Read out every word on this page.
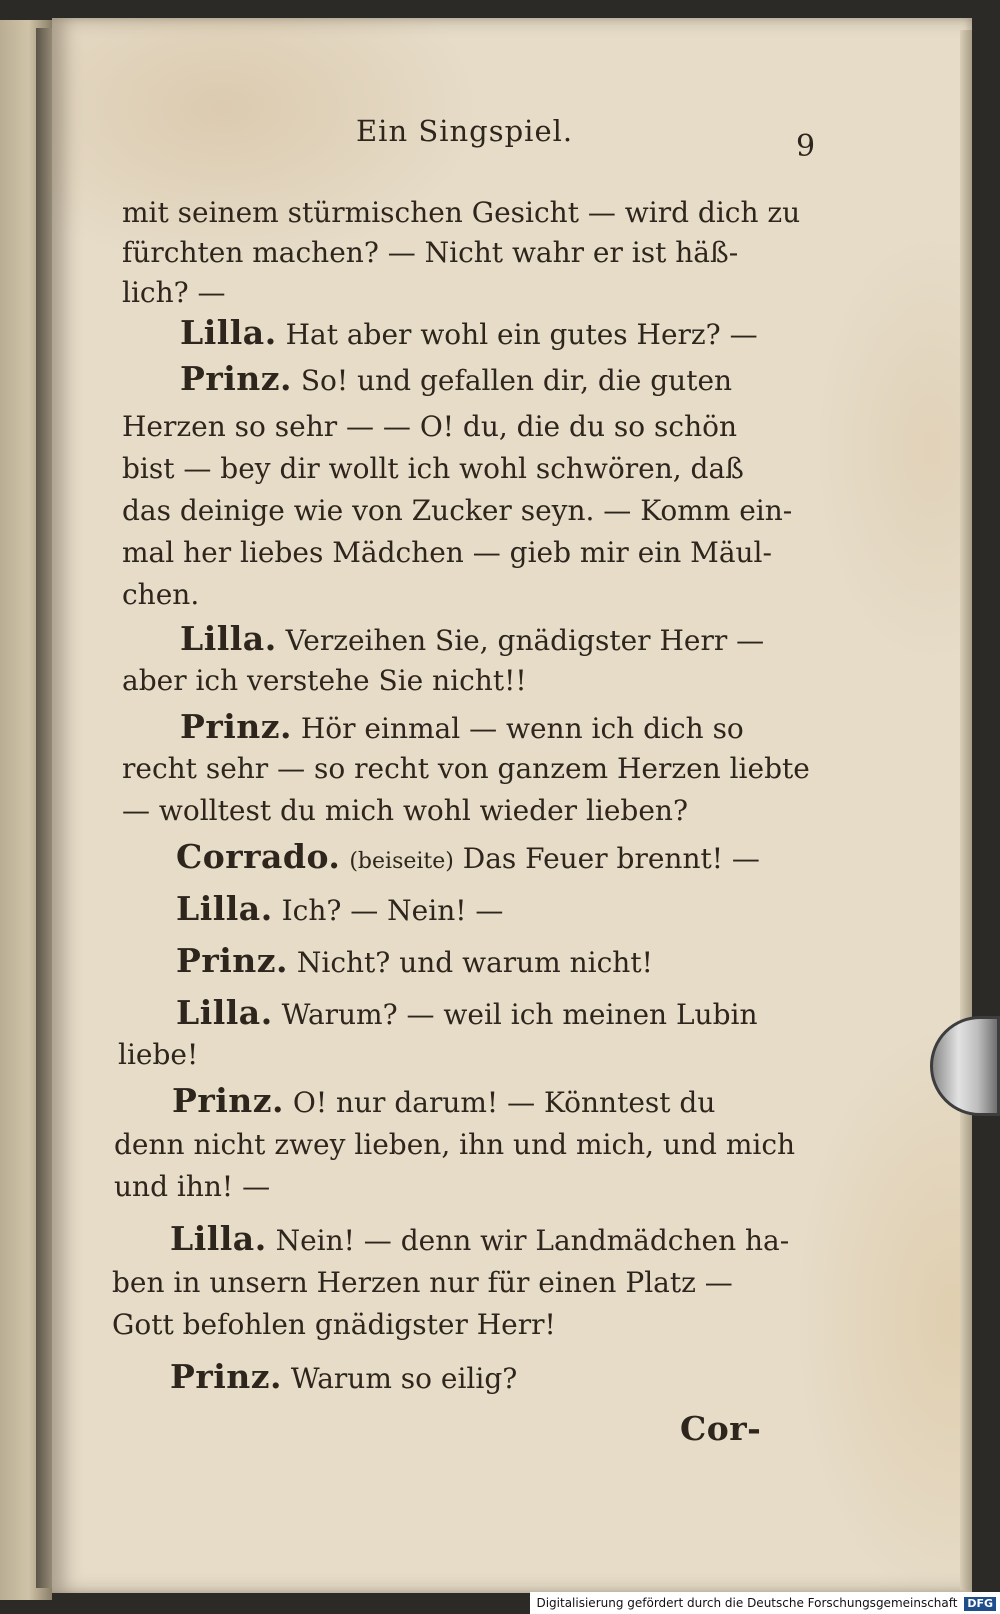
Ein Singspiel.	9
mit seinem stürmischen Gesicht — wird dich zu
fürchten machen? — Nicht wahr er ist häß-
lich? —
Lilla. Hat aber wohl ein gutes Herz? —
Prinz. So! und gefallen dir, die guten
Herzen so sehr — — O! du, die du so schön
bist — bey dir wollt ich wohl schwören, daß
das deinige wie von Zucker seyn. — Komm ein-
mal her liebes Mädchen — gieb mir ein Mäul-
chen.
Lilla. Verzeihen Sie, gnädigster Herr —
aber ich verstehe Sie nicht!!
Prinz. Hör einmal — wenn ich dich so
recht sehr — so recht von ganzem Herzen liebte
— wolltest du mich wohl wieder lieben?
Corrado. (beiseite) Das Feuer brennt! —
Lilla. Ich? — Nein! —
Prinz. Nicht? und warum nicht!
Lilla. Warum? — weil ich meinen Lubin
liebe!
Prinz. O! nur darum! — Könntest du
denn nicht zwey lieben, ihn und mich, und mich
und ihn! —
Lilla. Nein! — denn wir Landmädchen ha-
ben in unsern Herzen nur für einen Platz —
Gott befohlen gnädigster Herr!
Prinz. Warum so eilig?
Cor-
Digitalisierung gefördert durch die Deutsche Forschungsgemeinschaft DFG
